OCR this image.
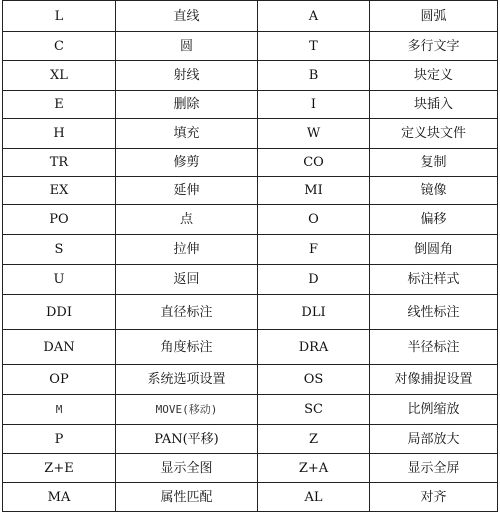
L	直线	A	圆弧
C	圆	T	多行文字
XL	射线	B	块定义
E	删除	I	块插入
H	填充	W	定义块文件
TR	修剪	CO	复制
EX	延伸	MI	镜像
PO	点	O	偏移
S	拉伸	F	倒圆角
U	返回	D	标注样式
DDI	直径标注	DLI	线性标注
DAN	角度标注	DRA	半径标注
OP	系统选项设置	OS	对像捕捉设置
M	MOVE(移动)	SC	比例缩放
P	PAN(平移)	Z	局部放大
Z+E	显示全图	Z+A	显示全屏
MA	属性匹配	AL	对齐
